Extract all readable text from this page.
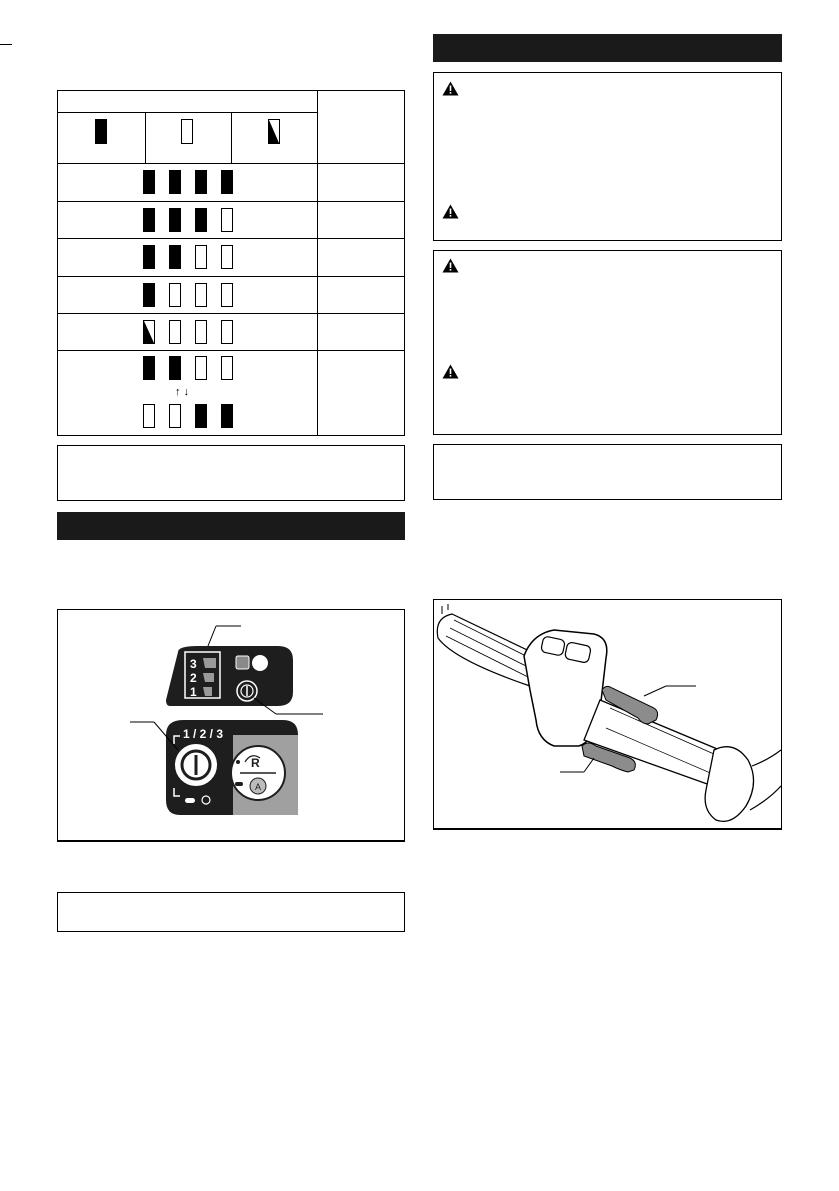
↑ ↓
R
A
1 / 2 / 3
3
2
1
